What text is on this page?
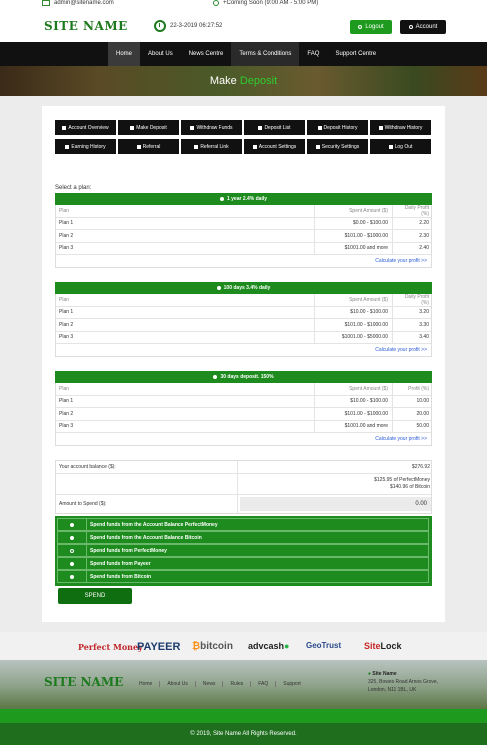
admin@sitename.com	+Coming Soon (9:00 AM - 5:00 PM)
SITE NAME	22-3-2019 06:27:52	Logout	Account
Home	About Us	News Centre	Terms & Conditions	FAQ	Support Centre
Make Deposit
Account Overview	Make Deposit	Withdraw Funds	Deposit List	Deposit History	Withdraw History
Earning History	Referral	Referral Link	Account Settings	Security Settings	Log Out
Select a plan:
1 year 2.4% daily
Plan	Spent Amount ($)	Daily Profit (%)
Plan 1	$0.00 - $100.00	2.20
Plan 2	$101.00 - $1000.00	2.30
Plan 3	$1001.00 and more	2.40
Calculate your profit >>
100 days 3.4% daily
Plan	Spent Amount ($)	Daily Profit (%)
Plan 1	$10.00 - $100.00	3.20
Plan 2	$101.00 - $1000.00	3.30
Plan 3	$1001.00 - $5000.00	3.40
Calculate your profit >>
30 days deposit. 150%
Plan	Spent Amount ($)	Profit (%)
Plan 1	$10.00 - $100.00	10.00
Plan 2	$101.00 - $1000.00	20.00
Plan 3	$1001.00 and more	50.00
Calculate your profit >>
Your account balance ($):	$276.92
$125.95 of PerfectMoney
$140.96 of Bitcoin
Amount to Spend ($):	0.00
Spend funds from the Account Balance PerfectMoney
Spend funds from the Account Balance Bitcoin
Spend funds from PerfectMoney
Spend funds from Payeer
Spend funds from Bitcoin
SPEND
Perfect Money
PAYEER ₿bitcoin advcash● GeoTrust	SiteLock
SITE NAME	Home	About Us	News	Rules	FAQ	Support
● Site Name
325, Bowes Road Arnos Grove,
London, N11 1BL, UK
© 2019, Site Name All Rights Reserved.
